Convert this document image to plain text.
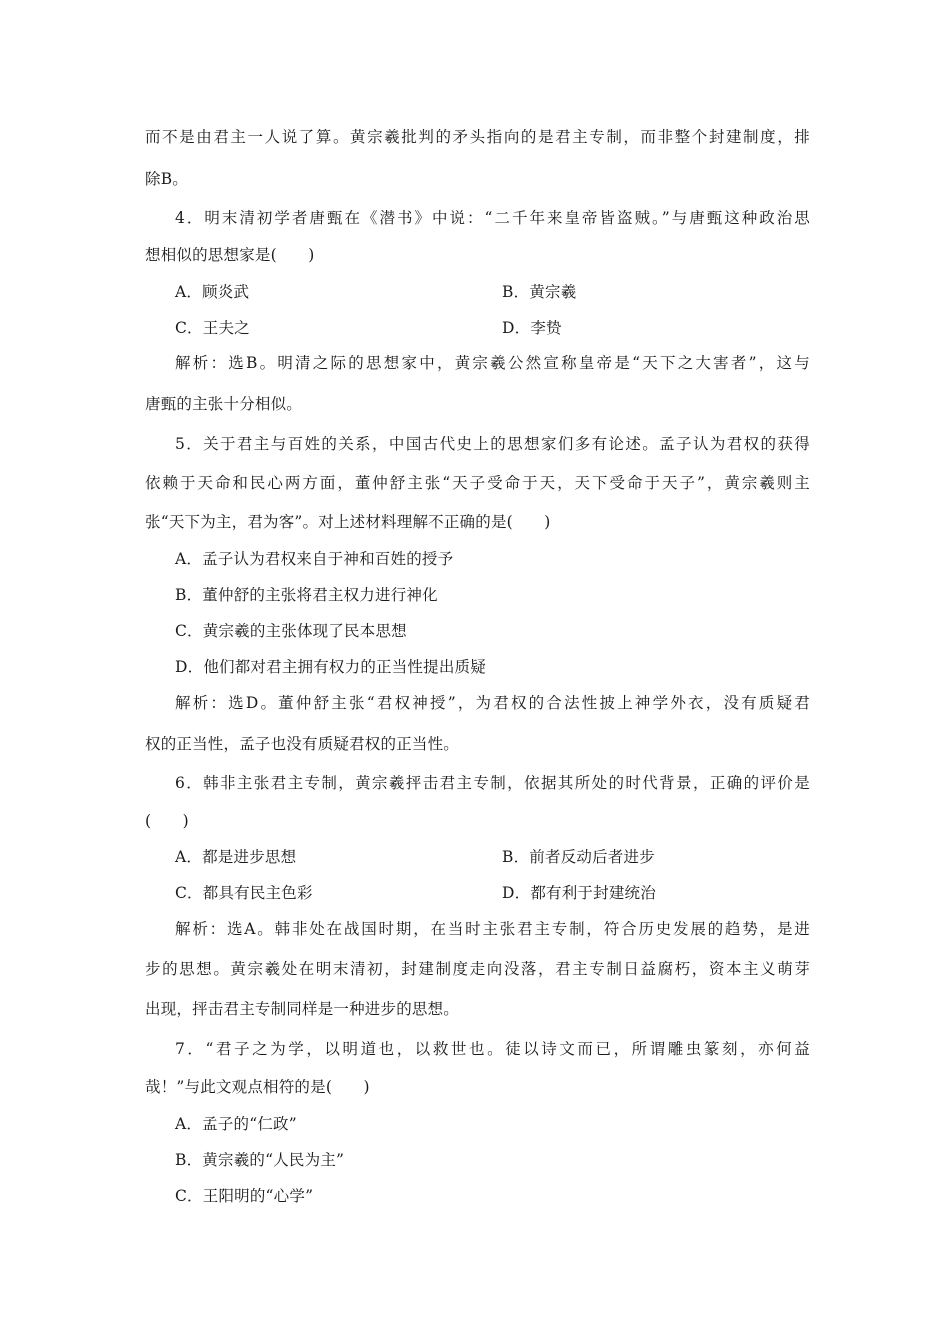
而不是由君主一人说了算。黄宗羲批判的矛头指向的是君主专制，而非整个封建制度，排
除B。
4．明末清初学者唐甄在《潜书》中说：“二千年来皇帝皆盗贼。”与唐甄这种政治思
想相似的思想家是(　　)
A．顾炎武	B．黄宗羲
C．王夫之	D．李贽
解析：选B。明清之际的思想家中，黄宗羲公然宣称皇帝是“天下之大害者”，这与
唐甄的主张十分相似。
5．关于君主与百姓的关系，中国古代史上的思想家们多有论述。孟子认为君权的获得
依赖于天命和民心两方面，董仲舒主张“天子受命于天，天下受命于天子”，黄宗羲则主
张“天下为主，君为客”。对上述材料理解不正确的是(　　)
A．孟子认为君权来自于神和百姓的授予
B．董仲舒的主张将君主权力进行神化
C．黄宗羲的主张体现了民本思想
D．他们都对君主拥有权力的正当性提出质疑
解析：选D。董仲舒主张“君权神授”，为君权的合法性披上神学外衣，没有质疑君
权的正当性，孟子也没有质疑君权的正当性。
6．韩非主张君主专制，黄宗羲抨击君主专制，依据其所处的时代背景，正确的评价是
(　　)
A．都是进步思想	B．前者反动后者进步
C．都具有民主色彩	D．都有利于封建统治
解析：选A。韩非处在战国时期，在当时主张君主专制，符合历史发展的趋势，是进
步的思想。黄宗羲处在明末清初，封建制度走向没落，君主专制日益腐朽，资本主义萌芽
出现，抨击君主专制同样是一种进步的思想。
7．“君子之为学，以明道也，以救世也。徒以诗文而已，所谓雕虫篆刻，亦何益
哉！”与此文观点相符的是(　　)
A．孟子的“仁政”
B．黄宗羲的“人民为主”
C．王阳明的“心学”
